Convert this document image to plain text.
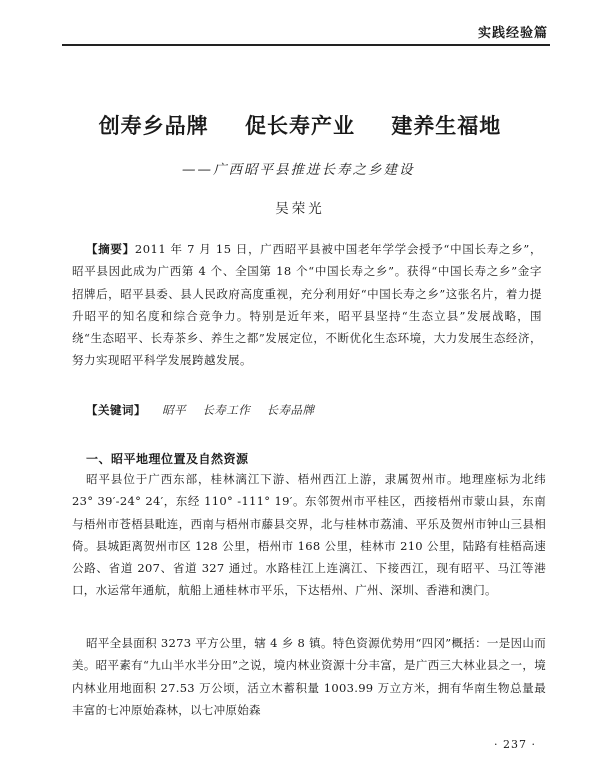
实践经验篇
创寿乡品牌 促长寿产业 建养生福地
——广西昭平县推进长寿之乡建设
吴荣光
【摘要】2011 年 7 月 15 日，广西昭平县被中国老年学学会授予“中国长寿之乡”，昭平县因此成为广西第 4 个、全国第 18 个“中国长寿之乡”。获得“中国长寿之乡”金字招牌后，昭平县委、县人民政府高度重视，充分利用好“中国长寿之乡”这张名片，着力提升昭平的知名度和综合竞争力。特别是近年来，昭平县坚持“生态立县”发展战略，围绕“生态昭平、长寿茶乡、养生之都”发展定位，不断优化生态环境，大力发展生态经济，努力实现昭平科学发展跨越发展。
【关键词】 昭平 长寿工作 长寿品牌
一、昭平地理位置及自然资源
昭平县位于广西东部，桂林漓江下游、梧州西江上游，隶属贺州市。地理座标为北纬 23° 39′-24° 24′，东经 110° -111° 19′。东邻贺州市平桂区，西接梧州市蒙山县，东南与梧州市苍梧县毗连，西南与梧州市藤县交界，北与桂林市荔浦、平乐及贺州市钟山三县相倚。县城距离贺州市区 128 公里，梧州市 168 公里，桂林市 210 公里，陆路有桂梧高速公路、省道 207、省道 327 通过。水路桂江上连漓江、下接西江，现有昭平、马江等港口，水运常年通航，航船上通桂林市平乐，下达梧州、广州、深圳、香港和澳门。
昭平全县面积 3273 平方公里，辖 4 乡 8 镇。特色资源优势用“四冈”概括：一是因山而美。昭平素有“九山半水半分田”之说，境内林业资源十分丰富，是广西三大林业县之一，境内林业用地面积 27.53 万公顷，活立木蓄积量 1003.99 万立方米，拥有华南生物总量最丰富的七冲原始森林，以七冲原始森
· 237 ·
